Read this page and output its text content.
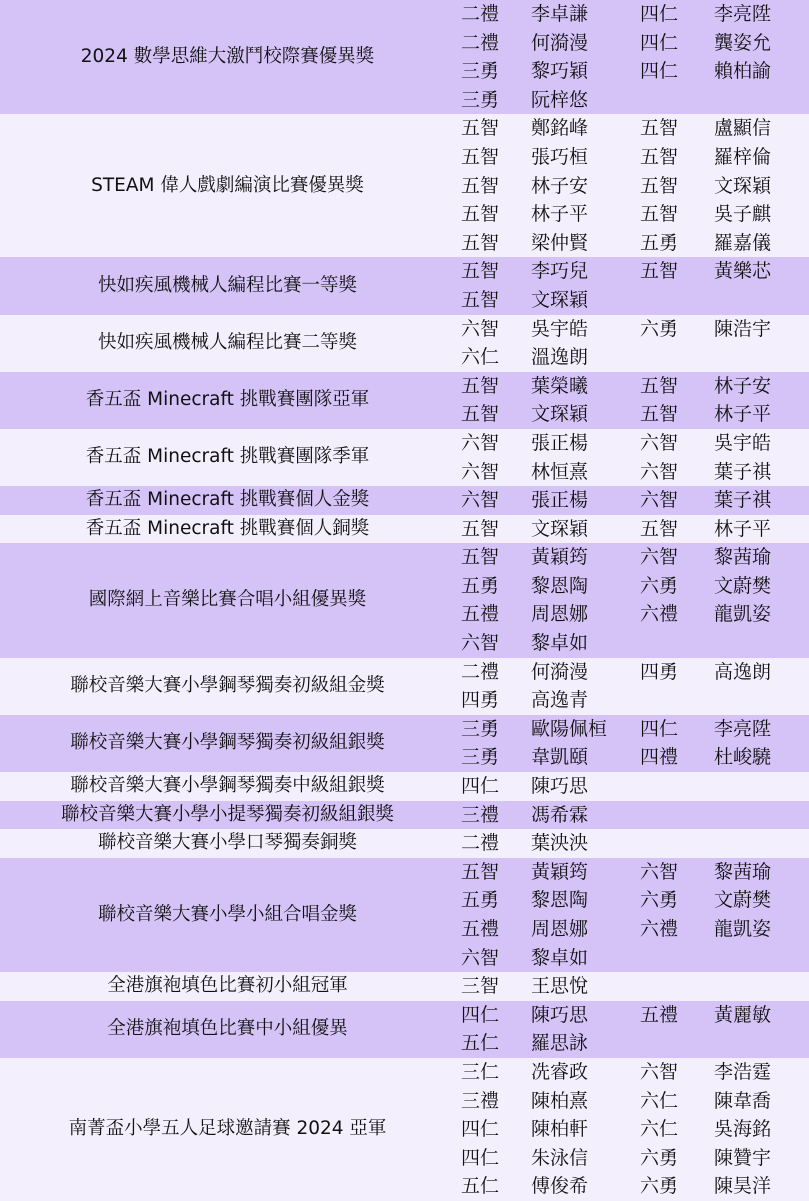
2024 數學思維大激鬥校際賽優異獎	二禮	李卓謙	四仁	李亮陞
	二禮	何漪漫	四仁	龔姿允
	三勇	黎巧穎	四仁	賴柏諭
	三勇	阮梓悠		
STEAM 偉人戲劇編演比賽優異獎	五智	鄭銘峰	五智	盧顯信
	五智	張巧桓	五智	羅梓倫
	五智	林子安	五智	文琛穎
	五智	林子平	五智	吳子麒
	五智	梁仲賢	五勇	羅嘉儀
快如疾風機械人編程比賽一等獎	五智	李巧兒	五智	黃樂芯
	五智	文琛穎		
快如疾風機械人編程比賽二等獎	六智	吳宇皓	六勇	陳浩宇
	六仁	溫逸朗		
香五盃 Minecraft 挑戰賽團隊亞軍	五智	葉榮曦	五智	林子安
	五智	文琛穎	五智	林子平
香五盃 Minecraft 挑戰賽團隊季軍	六智	張正楊	六智	吳宇皓
	六智	林恒熹	六智	葉子祺
香五盃 Minecraft 挑戰賽個人金獎	六智	張正楊	六智	葉子祺
香五盃 Minecraft 挑戰賽個人銅獎	五智	文琛穎	五智	林子平
國際網上音樂比賽合唱小組優異獎	五智	黃穎筠	六智	黎茜瑜
	五勇	黎恩陶	六勇	文蔚樊
	五禮	周恩娜	六禮	龍凱姿
	六智	黎卓如		
聯校音樂大賽小學鋼琴獨奏初級組金獎	二禮	何漪漫	四勇	高逸朗
	四勇	高逸青		
聯校音樂大賽小學鋼琴獨奏初級組銀獎	三勇	歐陽佩桓	四仁	李亮陞
	三勇	韋凱頤	四禮	杜峻驍
聯校音樂大賽小學鋼琴獨奏中級組銀獎	四仁	陳巧思		
聯校音樂大賽小學小提琴獨奏初級組銀獎	三禮	馮希霖		
聯校音樂大賽小學口琴獨奏銅獎	二禮	葉泱泱		
聯校音樂大賽小學小組合唱金獎	五智	黃穎筠	六智	黎茜瑜
	五勇	黎恩陶	六勇	文蔚樊
	五禮	周恩娜	六禮	龍凱姿
	六智	黎卓如		
全港旗袍填色比賽初小組冠軍	三智	王思悅		
全港旗袍填色比賽中小組優異	四仁	陳巧思	五禮	黃麗敏
	五仁	羅思詠		
南菁盃小學五人足球邀請賽 2024 亞軍	三仁	冼睿政	六智	李浩霆
	三禮	陳柏熹	六仁	陳韋喬
	四仁	陳柏軒	六仁	吳海銘
	四仁	朱泳信	六勇	陳贊宇
	五仁	傅俊希	六勇	陳昊洋
